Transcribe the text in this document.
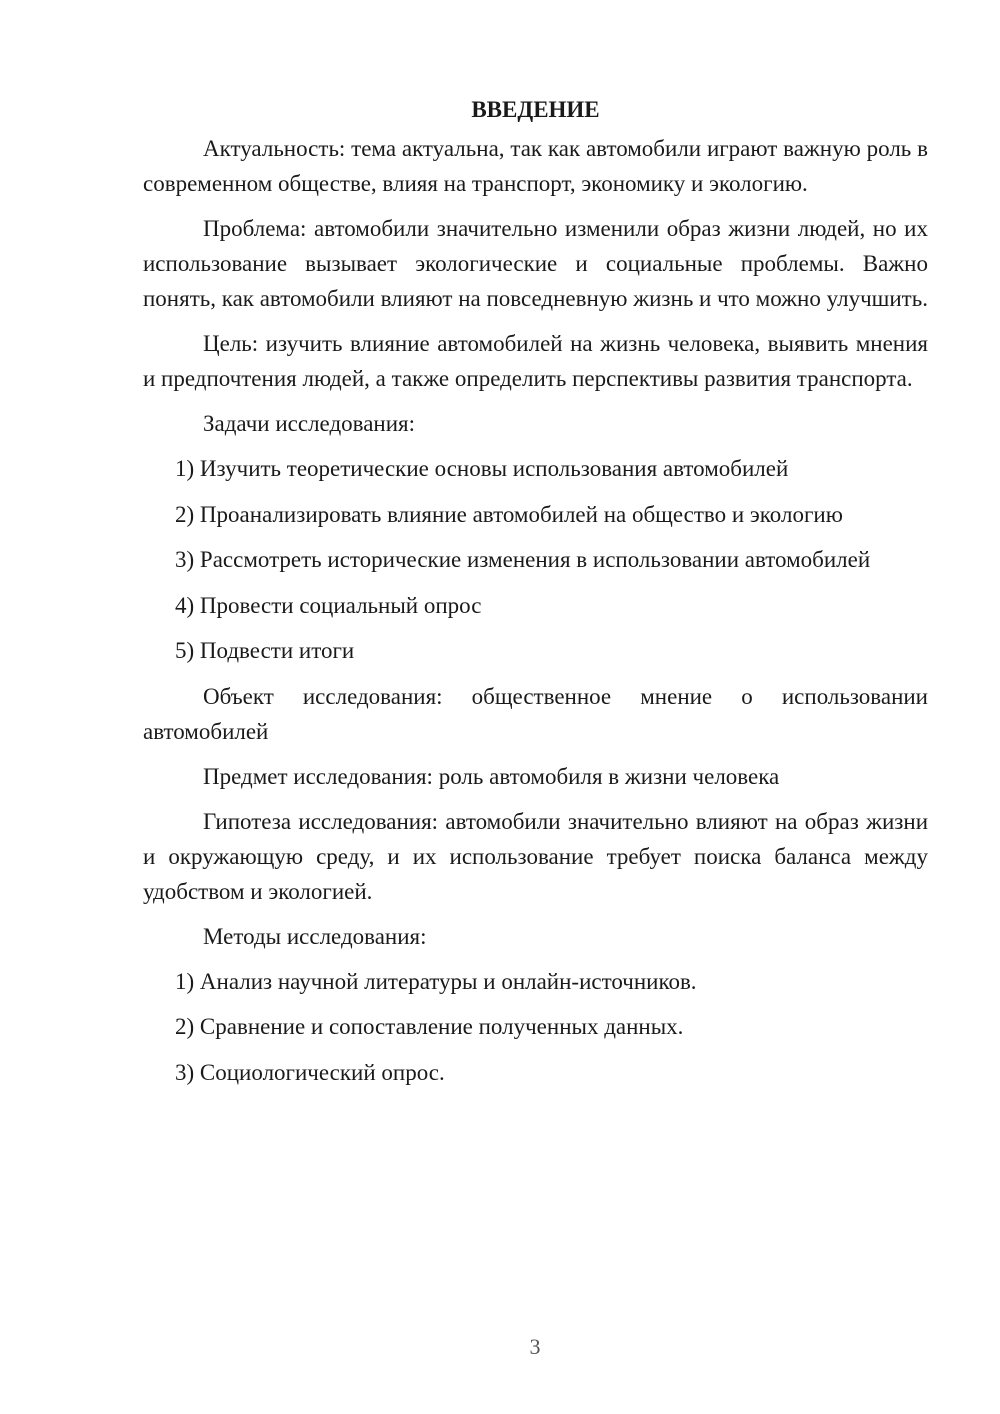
ВВЕДЕНИЕ

Актуальность: тема актуальна, так как автомобили играют важную роль в современном обществе, влияя на транспорт, экономику и экологию.

Проблема: автомобили значительно изменили образ жизни людей, но их использование вызывает экологические и социальные проблемы. Важно понять, как автомобили влияют на повседневную жизнь и что можно улучшить.

Цель: изучить влияние автомобилей на жизнь человека, выявить мнения и предпочтения людей, а также определить перспективы развития транспорта.

Задачи исследования:

1) Изучить теоретические основы использования автомобилей
2) Проанализировать влияние автомобилей на общество и экологию
3) Рассмотреть исторические изменения в использовании автомобилей
4) Провести социальный опрос
5) Подвести итоги

Объект исследования: общественное мнение о использовании автомобилей

Предмет исследования: роль автомобиля в жизни человека

Гипотеза исследования: автомобили значительно влияют на образ жизни и окружающую среду, и их использование требует поиска баланса между удобством и экологией.

Методы исследования:

1) Анализ научной литературы и онлайн-источников.
2) Сравнение и сопоставление полученных данных.
3) Социологический опрос.
3
